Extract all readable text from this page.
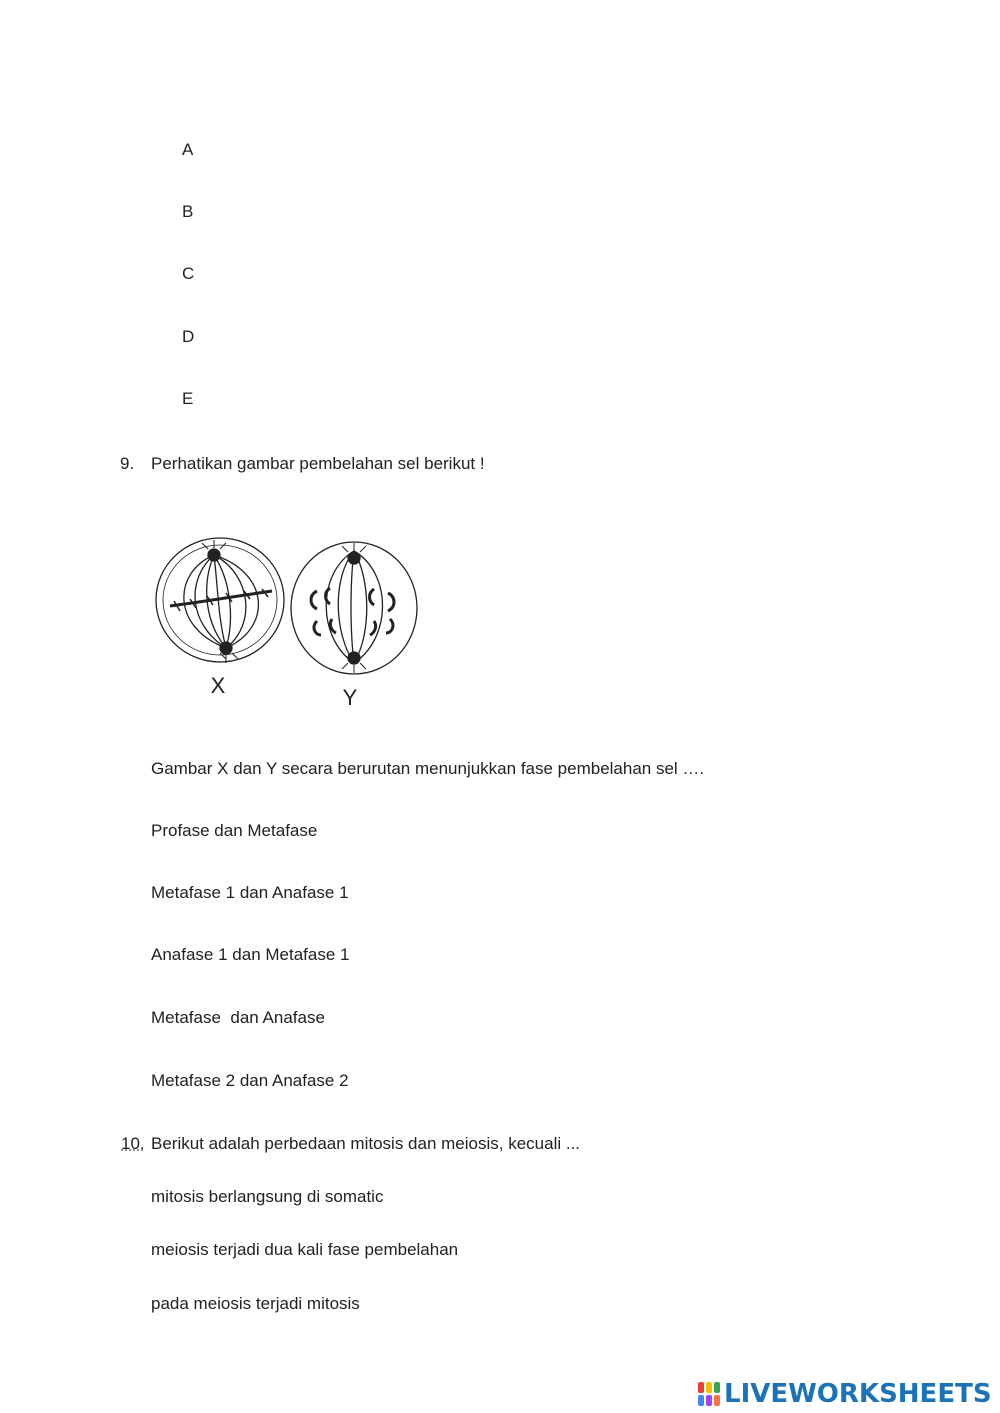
A
B
C
D
E
9. Perhatikan gambar pembelahan sel berikut !
X	Y
Gambar X dan Y secara berurutan menunjukkan fase pembelahan sel ….
Profase dan Metafase
Metafase 1 dan Anafase 1
Anafase 1 dan Metafase 1
Metafase  dan Anafase
Metafase 2 dan Anafase 2
10. Berikut adalah perbedaan mitosis dan meiosis, kecuali ...
mitosis berlangsung di somatic
meiosis terjadi dua kali fase pembelahan
pada meiosis terjadi mitosis
LIVEWORKSHEETS
